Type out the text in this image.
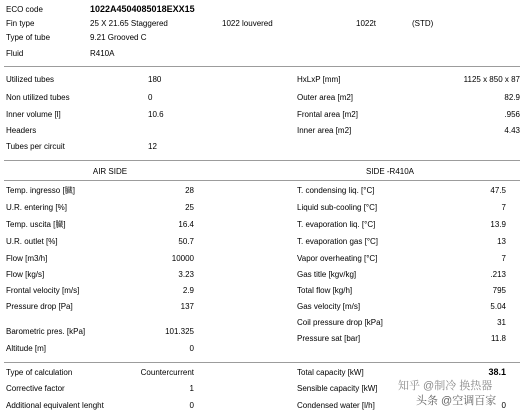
ECO code	1022A4504085018EXX15
Fin type	25 X 21.65 Staggered	1022 louvered	1022t	(STD)
Type of tube	9.21 Grooved C
Fluid	R410A
Utilized tubes	180
Non utilized tubes	0
Inner volume [l]	10.6
Headers
Tubes per circuit	12
HxLxP [mm]	1125 x 850 x 87
Outer area [m2]	82.9
Frontal area [m2]	.956
Inner area [m2]	4.43
AIR SIDE	SIDE -R410A
Temp. ingresso [臓]	28
U.R. entering [%]	25
Temp. uscita [臓]	16.4
U.R. outlet [%]	50.7
Flow [m3/h]	10000
Flow [kg/s]	3.23
Frontal velocity [m/s]	2.9
Pressure drop [Pa]	137
Barometric pres. [kPa]	101.325
Altitude [m]	0
T. condensing liq. [°C]	47.5
Liquid sub-cooling [°C]	7
T. evaporation liq. [°C]	13.9
T. evaporation gas [°C]	13
Vapor overheating [°C]	7
Gas title [kgv/kg]	.213
Total flow [kg/h]	795
Gas velocity [m/s]	5.04
Coil pressure drop [kPa]	31
Pressure sat [bar]	11.8
Type of calculation	Countercurrent
Corrective factor	1
Additional equivalent lenght	0
Total capacity [kW]	38.1
Sensible capacity [kW]
Condensed water [l/h]	0
知乎 @制冷 换热器
头条 @空调百家
